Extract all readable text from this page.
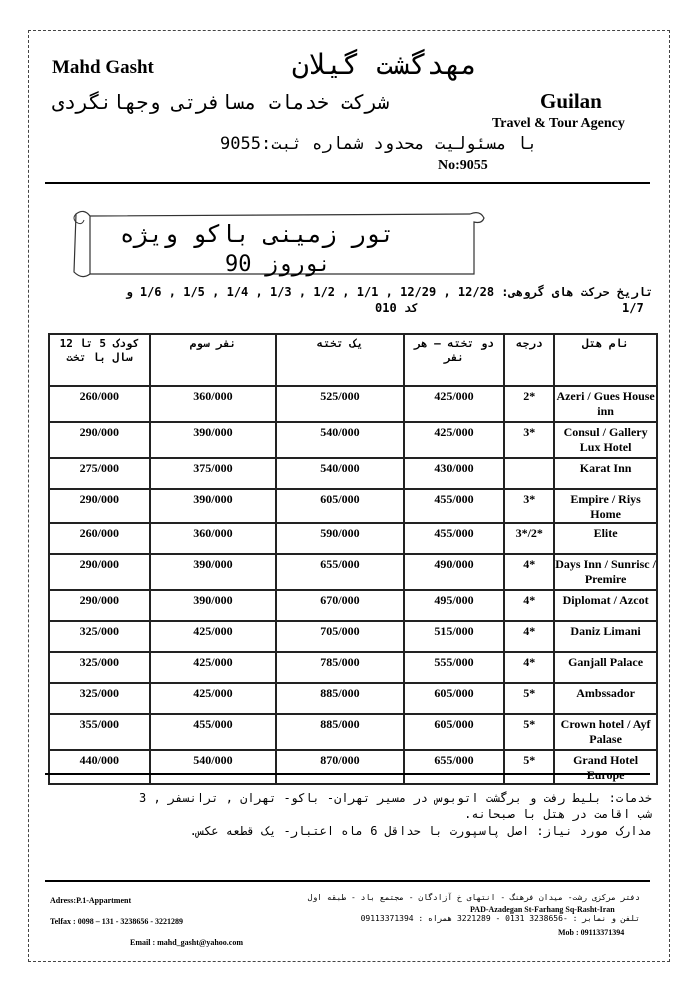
Mahd Gasht	مهدگشت گیلان
Guilan
شرکت خدمات مسافرتی وجهانگردی
Travel & Tour Agency
با مسئولیت محدود شماره ثبت:9055
No:9055
تور زمینی باکو ویژه
نوروز 90
تاریخ حرکت های گروهی: 12/28 , 12/29 , 1/1 , 1/2 , 1/3 , 1/4 , 1/5 , 1/6 و
1/7
کد 010
کودک 5 تا 12 سال با تخت	نفر سوم	یک تخته	دو تخته – هر نفر	درجه	نام هتل
260/000	360/000	525/000	425/000	2*	Azeri / Gues House inn
290/000	390/000	540/000	425/000	3*	Consul / Gallery Lux Hotel
275/000	375/000	540/000	430/000		Karat Inn
290/000	390/000	605/000	455/000	3*	Empire / Riys Home
260/000	360/000	590/000	455/000	3*/2*	Elite
290/000	390/000	655/000	490/000	4*	Days Inn / Sunrisc / Premire
290/000	390/000	670/000	495/000	4*	Diplomat / Azcot
325/000	425/000	705/000	515/000	4*	Daniz Limani
325/000	425/000	785/000	555/000	4*	Ganjall Palace
325/000	425/000	885/000	605/000	5*	Ambssador
355/000	455/000	885/000	605/000	5*	Crown hotel / Ayf Palase
440/000	540/000	870/000	655/000	5*	Grand Hotel Europe
خدمات: بلیط رفت و برگشت اتوبوس در مسیر تهران- باکو- تهران , ترانسفر , 3
شب اقامت در هتل با صبحانه.
مدارک مورد نیاز: اصل پاسپورت با حداقل 6 ماه اعتبار- یک قطعه عکس.
Adress:P.1-Appartment	دفتر مرکزی رشت- میدان فرهنگ - انتهای خ آزادگان - مجتمع باد - طبقه اول
PAD-Azadegan St-Farhang Sq-Rasht-Iran
تلفن و نمابر : -3238656 0131 - 3221289 همراه : 09113371394
Telfax : 0098 – 131 - 3238656 - 3221289
Mob : 09113371394
Email : mahd_gasht@yahoo.com
